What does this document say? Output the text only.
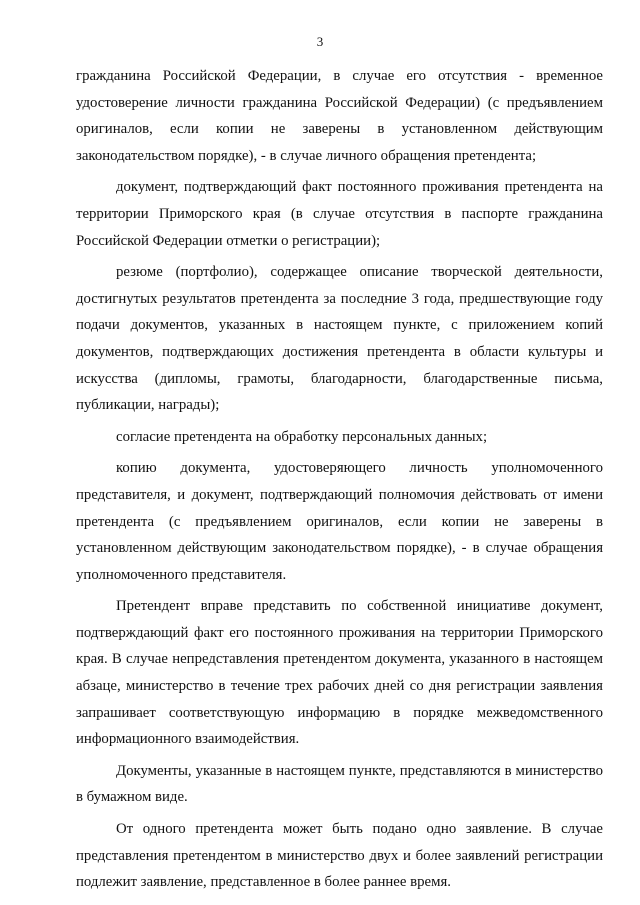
3

гражданина Российской Федерации, в случае его отсутствия - временное удостоверение личности гражданина Российской Федерации) (с предъявлением оригиналов, если копии не заверены в установленном действующим законодательством порядке), - в случае личного обращения претендента;

документ, подтверждающий факт постоянного проживания претендента на территории Приморского края (в случае отсутствия в паспорте гражданина Российской Федерации отметки о регистрации);

резюме (портфолио), содержащее описание творческой деятельности, достигнутых результатов претендента за последние 3 года, предшествующие году подачи документов, указанных в настоящем пункте, с приложением копий документов, подтверждающих достижения претендента в области культуры и искусства (дипломы, грамоты, благодарности, благодарственные письма, публикации, награды);

согласие претендента на обработку персональных данных;

копию документа, удостоверяющего личность уполномоченного представителя, и документ, подтверждающий полномочия действовать от имени претендента (с предъявлением оригиналов, если копии не заверены в установленном действующим законодательством порядке), - в случае обращения уполномоченного представителя.

Претендент вправе представить по собственной инициативе документ, подтверждающий факт его постоянного проживания на территории Приморского края. В случае непредставления претендентом документа, указанного в настоящем абзаце, министерство в течение трех рабочих дней со дня регистрации заявления запрашивает соответствующую информацию в порядке межведомственного информационного взаимодействия.

Документы, указанные в настоящем пункте, представляются в министерство в бумажном виде.

От одного претендента может быть подано одно заявление. В случае представления претендентом в министерство двух и более заявлений регистрации подлежит заявление, представленное в более раннее время.
